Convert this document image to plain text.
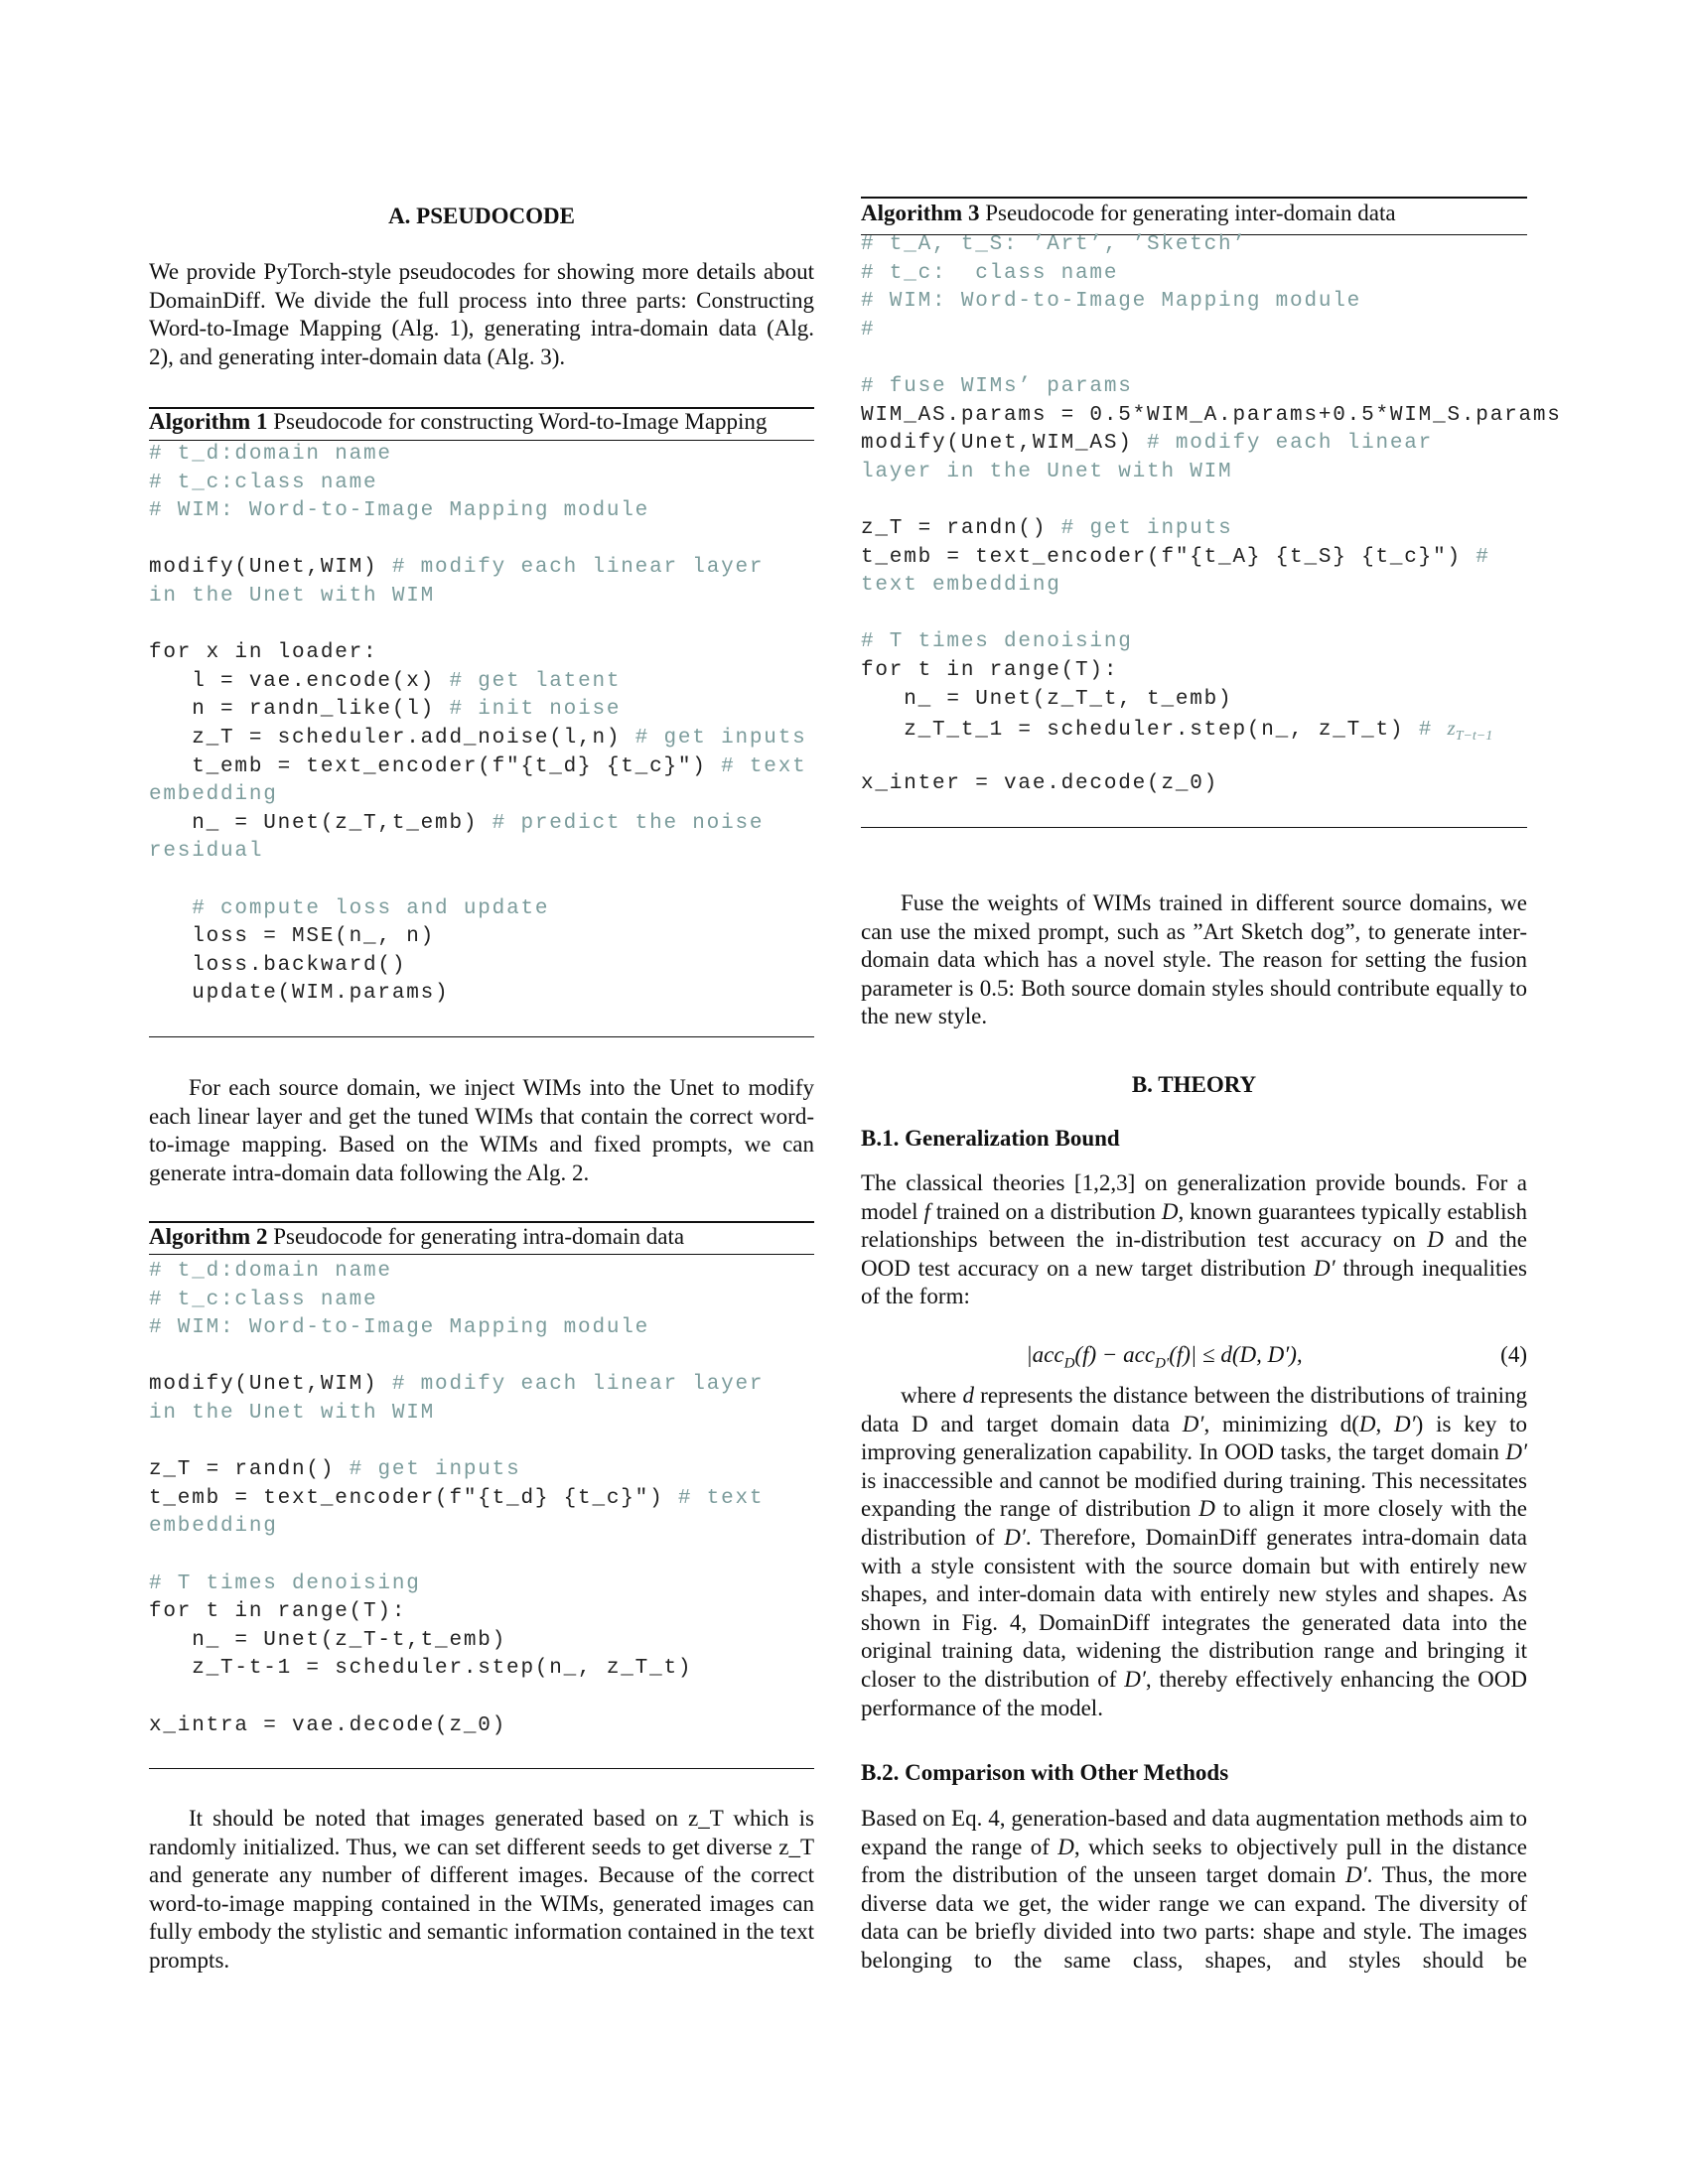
A. PSEUDOCODE

We provide PyTorch-style pseudocodes for showing more details about DomainDiff. We divide the full process into three parts: Constructing Word-to-Image Mapping (Alg. 1), generating intra-domain data (Alg. 2), and generating inter-domain data (Alg. 3).

Algorithm 1 Pseudocode for constructing Word-to-Image Mapping
# t_d:domain name
# t_c:class name
# WIM: Word-to-Image Mapping module
modify(Unet,WIM) # modify each linear layer
in the Unet with WIM
for x in loader:
l = vae.encode(x) # get latent
n = randn_like(l) # init noise
z_T = scheduler.add_noise(l,n) # get inputs
t_emb = text_encoder(f"{t_d} {t_c}") # text
embedding
n_ = Unet(z_T,t_emb) # predict the noise
residual
# compute loss and update
loss = MSE(n_, n)
loss.backward()
update(WIM.params)

For each source domain, we inject WIMs into the Unet to modify each linear layer and get the tuned WIMs that contain the correct word-to-image mapping. Based on the WIMs and fixed prompts, we can generate intra-domain data following the Alg. 2.

Algorithm 2 Pseudocode for generating intra-domain data
# t_d:domain name
# t_c:class name
# WIM: Word-to-Image Mapping module
modify(Unet,WIM) # modify each linear layer
in the Unet with WIM
z_T = randn() # get inputs
t_emb = text_encoder(f"{t_d} {t_c}") # text
embedding
# T times denoising
for t in range(T):
n_ = Unet(z_T-t,t_emb)
z_T-t-1 = scheduler.step(n_, z_T_t)
x_intra = vae.decode(z_0)

It should be noted that images generated based on z_T which is randomly initialized. Thus, we can set different seeds to get diverse z_T and generate any number of different images. Because of the correct word-to-image mapping contained in the WIMs, generated images can fully embody the stylistic and semantic information contained in the text prompts.

Algorithm 3 Pseudocode for generating inter-domain data
# t_A, t_S: ’Art’, ’Sketch’
# t_c:  class name
# WIM: Word-to-Image Mapping module
#
# fuse WIMs’ params
WIM_AS.params = 0.5*WIM_A.params+0.5*WIM_S.params
modify(Unet,WIM_AS) # modify each linear
layer in the Unet with WIM
z_T = randn() # get inputs
t_emb = text_encoder(f"{t_A} {t_S} {t_c}") #
text embedding
# T times denoising
for t in range(T):
n_ = Unet(z_T_t, t_emb)
z_T_t_1 = scheduler.step(n_, z_T_t) # $z_{T-t-1}$
x_inter = vae.decode(z_0)

Fuse the weights of WIMs trained in different source domains, we can use the mixed prompt, such as ”Art Sketch dog”, to generate inter-domain data which has a novel style. The reason for setting the fusion parameter is 0.5: Both source domain styles should contribute equally to the new style.

B. THEORY
B.1. Generalization Bound

The classical theories [1,2,3] on generalization provide bounds. For a model f trained on a distribution D, known guarantees typically establish relationships between the in-distribution test accuracy on D and the OOD test accuracy on a new target distribution D′ through inequalities of the form:

|acc$_D$(f) − acc$_{D'}$(f)| ≤ d(D, D′),	(4)

where d represents the distance between the distributions of training data D and target domain data D′, minimizing d(D, D′) is key to improving generalization capability. In OOD tasks, the target domain D′ is inaccessible and cannot be modified during training. This necessitates expanding the range of distribution D to align it more closely with the distribution of D′. Therefore, DomainDiff generates intra-domain data with a style consistent with the source domain but with entirely new shapes, and inter-domain data with entirely new styles and shapes. As shown in Fig. 4, DomainDiff integrates the generated data into the original training data, widening the distribution range and bringing it closer to the distribution of D′, thereby effectively enhancing the OOD performance of the model.

B.2. Comparison with Other Methods

Based on Eq. 4, generation-based and data augmentation methods aim to expand the range of D, which seeks to objectively pull in the distance from the distribution of the unseen target domain D′. Thus, the more diverse data we get, the wider range we can expand. The diversity of data can be briefly divided into two parts: shape and style. The images belonging to the same class, shapes, and styles should be
